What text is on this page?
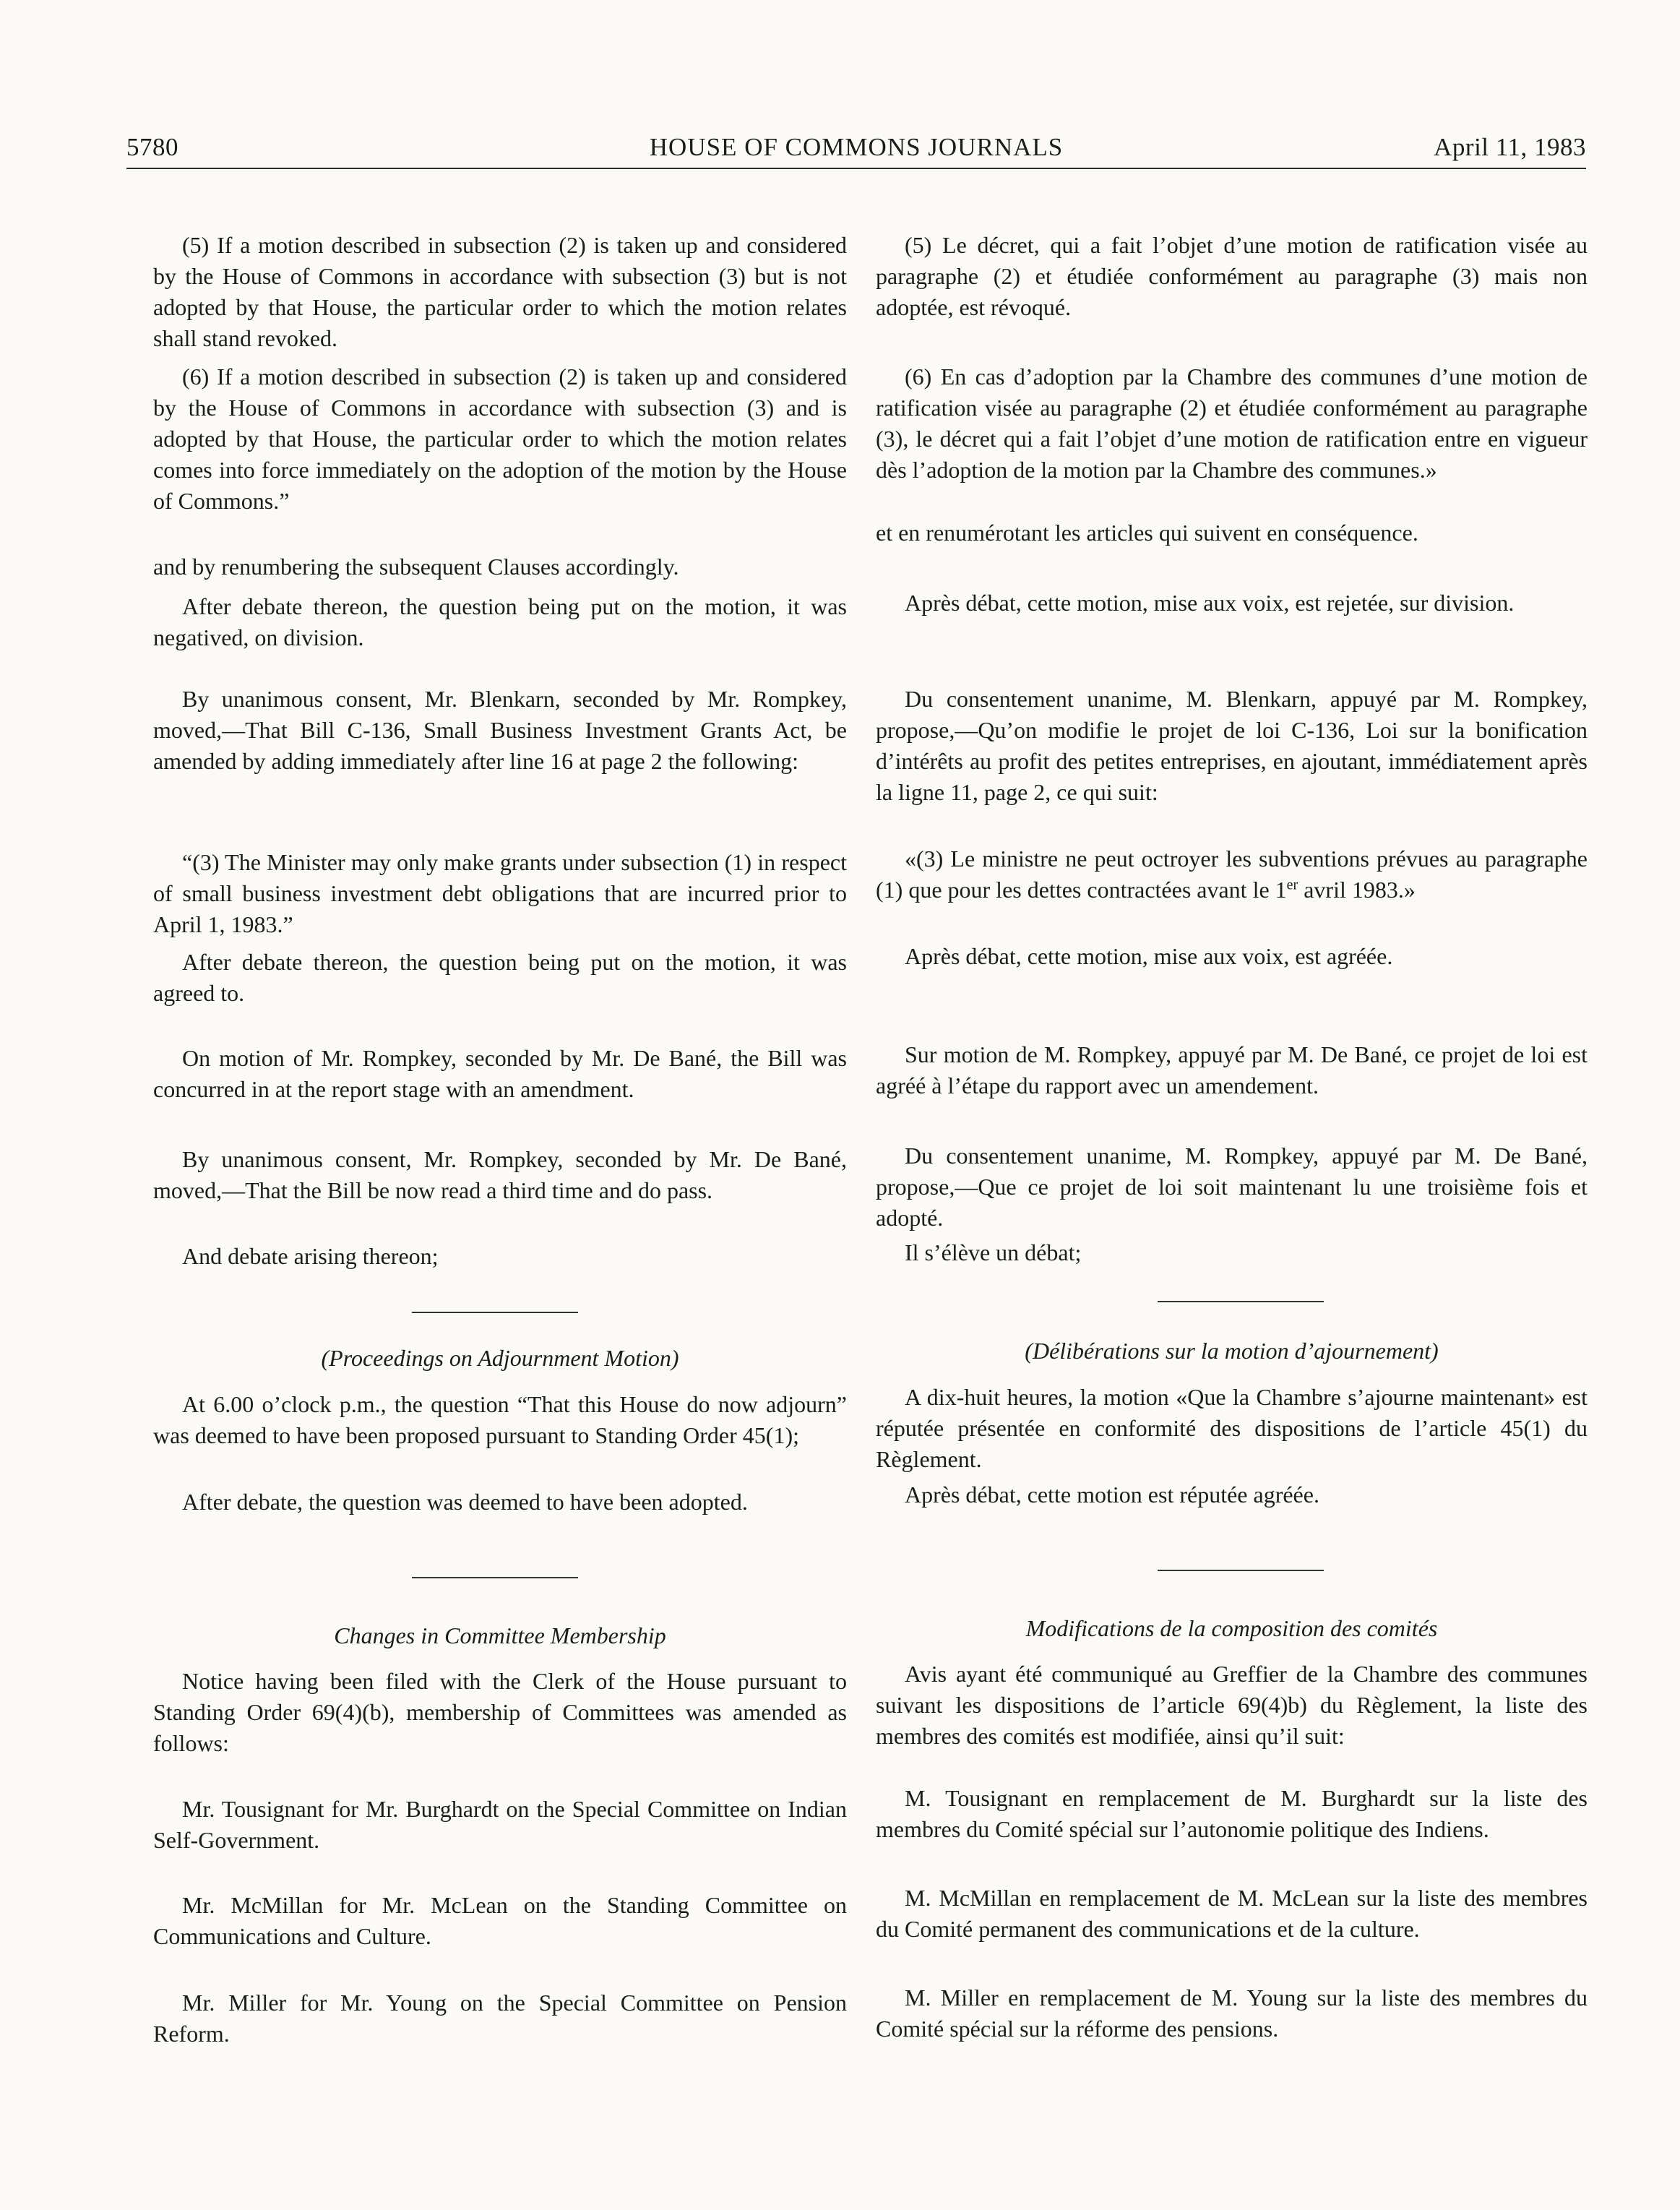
5780	HOUSE OF COMMONS JOURNALS	April 11, 1983

(5) If a motion described in subsection (2) is taken up and considered by the House of Commons in accordance with subsection (3) but is not adopted by that House, the particular order to which the motion relates shall stand revoked.

(6) If a motion described in subsection (2) is taken up and considered by the House of Commons in accordance with subsection (3) and is adopted by that House, the particular order to which the motion relates comes into force immediately on the adoption of the motion by the House of Commons.”

and by renumbering the subsequent Clauses accordingly.

After debate thereon, the question being put on the motion, it was negatived, on division.

By unanimous consent, Mr. Blenkarn, seconded by Mr. Rompkey, moved,—That Bill C-136, Small Business Investment Grants Act, be amended by adding immediately after line 16 at page 2 the following:

“(3) The Minister may only make grants under subsection (1) in respect of small business investment debt obligations that are incurred prior to April 1, 1983.”

After debate thereon, the question being put on the motion, it was agreed to.

On motion of Mr. Rompkey, seconded by Mr. De Bané, the Bill was concurred in at the report stage with an amendment.

By unanimous consent, Mr. Rompkey, seconded by Mr. De Bané, moved,—That the Bill be now read a third time and do pass.

And debate arising thereon;

(Proceedings on Adjournment Motion)

At 6.00 o’clock p.m., the question “That this House do now adjourn” was deemed to have been proposed pursuant to Standing Order 45(1);

After debate, the question was deemed to have been adopted.

Changes in Committee Membership

Notice having been filed with the Clerk of the House pursuant to Standing Order 69(4)(b), membership of Committees was amended as follows:

Mr. Tousignant for Mr. Burghardt on the Special Committee on Indian Self-Government.

Mr. McMillan for Mr. McLean on the Standing Committee on Communications and Culture.

Mr. Miller for Mr. Young on the Special Committee on Pension Reform.

(5) Le décret, qui a fait l’objet d’une motion de ratification visée au paragraphe (2) et étudiée conformément au paragraphe (3) mais non adoptée, est révoqué.

(6) En cas d’adoption par la Chambre des communes d’une motion de ratification visée au paragraphe (2) et étudiée conformément au paragraphe (3), le décret qui a fait l’objet d’une motion de ratification entre en vigueur dès l’adoption de la motion par la Chambre des communes.»

et en renumérotant les articles qui suivent en conséquence.

Après débat, cette motion, mise aux voix, est rejetée, sur division.

Du consentement unanime, M. Blenkarn, appuyé par M. Rompkey, propose,—Qu’on modifie le projet de loi C-136, Loi sur la bonification d’intérêts au profit des petites entreprises, en ajoutant, immédiatement après la ligne 11, page 2, ce qui suit:

«(3) Le ministre ne peut octroyer les subventions prévues au paragraphe (1) que pour les dettes contractées avant le 1er avril 1983.»

Après débat, cette motion, mise aux voix, est agréée.

Sur motion de M. Rompkey, appuyé par M. De Bané, ce projet de loi est agréé à l’étape du rapport avec un amendement.

Du consentement unanime, M. Rompkey, appuyé par M. De Bané, propose,—Que ce projet de loi soit maintenant lu une troisième fois et adopté.

Il s’élève un débat;

(Délibérations sur la motion d’ajournement)

A dix-huit heures, la motion «Que la Chambre s’ajourne maintenant» est réputée présentée en conformité des dispositions de l’article 45(1) du Règlement.

Après débat, cette motion est réputée agréée.

Modifications de la composition des comités

Avis ayant été communiqué au Greffier de la Chambre des communes suivant les dispositions de l’article 69(4)b) du Règlement, la liste des membres des comités est modifiée, ainsi qu’il suit:

M. Tousignant en remplacement de M. Burghardt sur la liste des membres du Comité spécial sur l’autonomie politique des Indiens.

M. McMillan en remplacement de M. McLean sur la liste des membres du Comité permanent des communications et de la culture.

M. Miller en remplacement de M. Young sur la liste des membres du Comité spécial sur la réforme des pensions.
